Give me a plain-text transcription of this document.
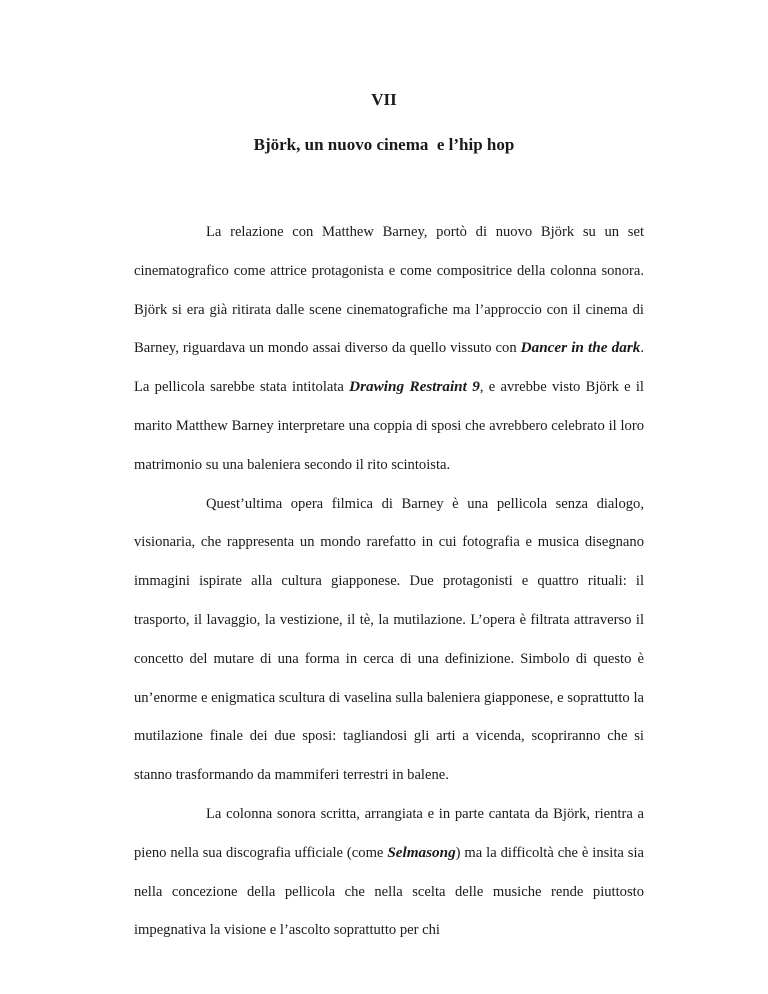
VII
Björk, un nuovo cinema  e l’hip hop

La relazione con Matthew Barney, portò di nuovo Björk su un set cinematografico come attrice protagonista e come compositrice della colonna sonora. Björk si era già ritirata dalle scene cinematografiche ma l’approccio con il cinema di Barney, riguardava un mondo assai diverso da quello vissuto con Dancer in the dark. La pellicola sarebbe stata intitolata Drawing Restraint 9, e avrebbe visto Björk e il marito Matthew Barney interpretare una coppia di sposi che avrebbero celebrato il loro matrimonio su una baleniera secondo il rito scintoista.

Quest’ultima opera filmica di Barney è una pellicola senza dialogo, visionaria, che rappresenta un mondo rarefatto in cui fotografia e musica disegnano immagini ispirate alla cultura giapponese. Due protagonisti e quattro rituali: il trasporto, il lavaggio, la vestizione, il tè, la mutilazione. L’opera è filtrata attraverso il concetto del mutare di una forma in cerca di una definizione. Simbolo di questo è un’enorme e enigmatica scultura di vaselina sulla baleniera giapponese, e soprattutto la mutilazione finale dei due sposi: tagliandosi gli arti a vicenda, scopriranno che si stanno trasformando da mammiferi terrestri in balene.

La colonna sonora scritta, arrangiata e in parte cantata da Björk, rientra a pieno nella sua discografia ufficiale (come Selmasong) ma la difficoltà che è insita sia nella concezione della pellicola che nella scelta delle musiche rende piuttosto impegnativa la visione e l’ascolto soprattutto per chi
